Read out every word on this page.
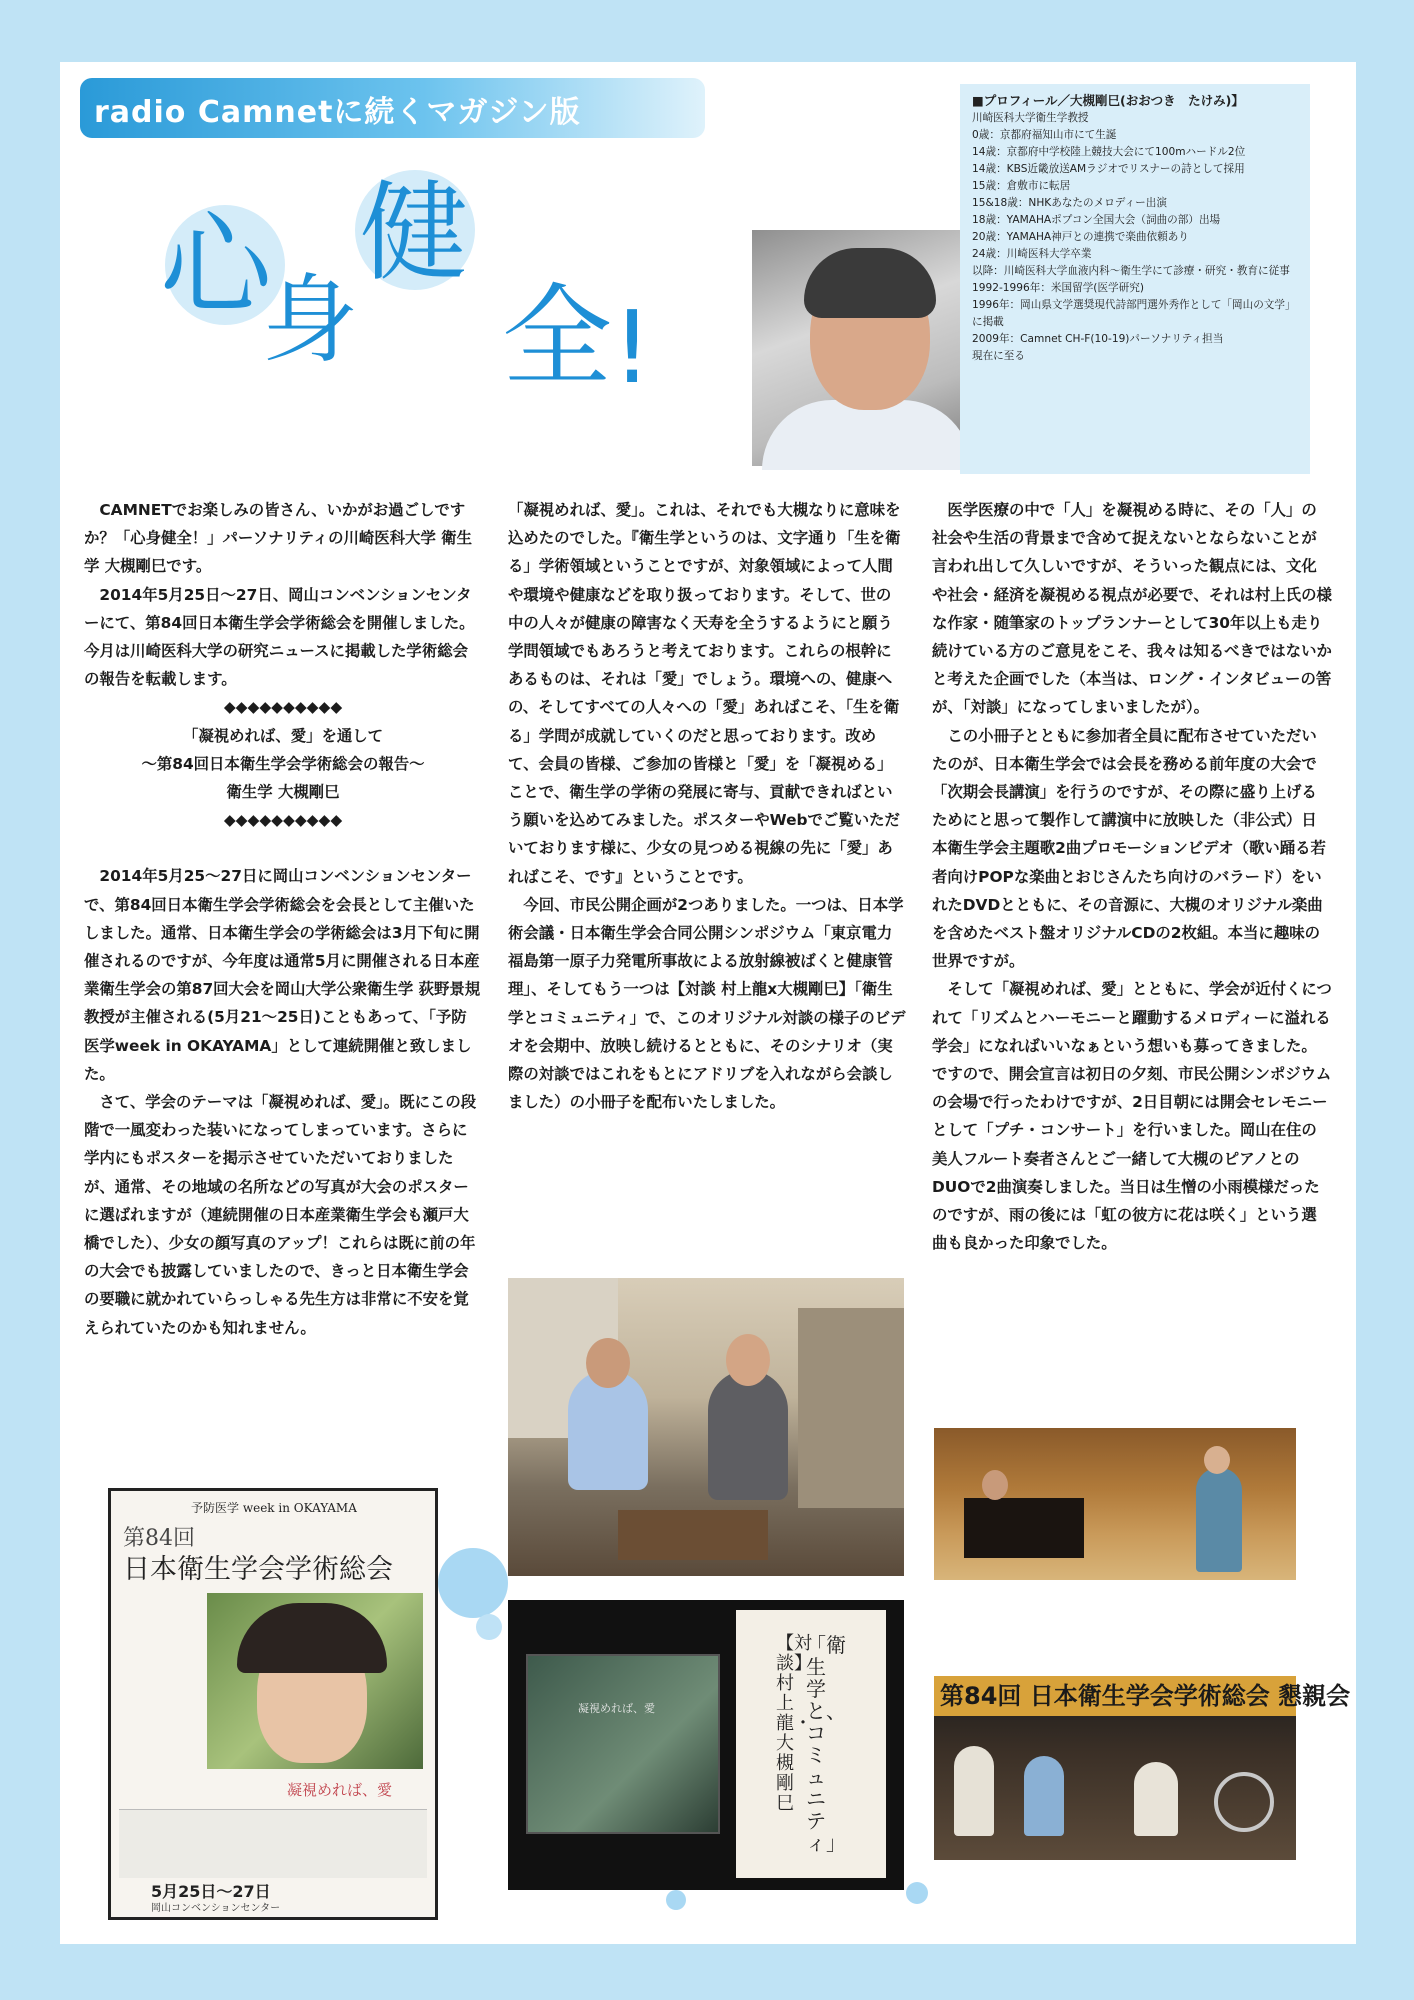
radio Camnetに続くマガジン版
心
身
健
全 !
■プロフィール／大槻剛巳(おおつき　たけみ)】
川崎医科大学衛生学教授
0歳：京都府福知山市にて生誕
14歳：京都府中学校陸上競技大会にて100mハードル2位
14歳：KBS近畿放送AMラジオでリスナーの詩として採用
15歳：倉敷市に転居
15&18歳：NHKあなたのメロディー出演
18歳：YAMAHAポプコン全国大会（詞曲の部）出場
20歳：YAMAHA神戸との連携で楽曲依頼あり
24歳：川崎医科大学卒業
以降：川崎医科大学血液内科～衛生学にて診療・研究・教育に従事
1992-1996年：米国留学(医学研究)
1996年：岡山県文学選奨現代詩部門選外秀作として「岡山の文学」に掲載
2009年：Camnet CH-F(10-19)パーソナリティ担当
現在に至る

CAMNETでお楽しみの皆さん、いかがお過ごしですか？「心身健全！」パーソナリティの川崎医科大学 衛生学 大槻剛巳です。

2014年5月25日～27日、岡山コンベンションセンターにて、第84回日本衛生学会学術総会を開催しました。今月は川崎医科大学の研究ニュースに掲載した学術総会の報告を転載します。

◆◆◆◆◆◆◆◆◆◆

「凝視めれば、愛」を通して

～第84回日本衛生学会学術総会の報告～

衛生学 大槻剛巳

◆◆◆◆◆◆◆◆◆◆

2014年5月25～27日に岡山コンベンションセンターで、第84回日本衛生学会学術総会を会長として主催いたしました。通常、日本衛生学会の学術総会は3月下旬に開催されるのですが、今年度は通常5月に開催される日本産業衛生学会の第87回大会を岡山大学公衆衛生学 荻野景規教授が主催される(5月21～25日)こともあって、「予防医学week in OKAYAMA」として連続開催と致しました。

さて、学会のテーマは「凝視めれば、愛」。既にこの段階で一風変わった装いになってしまっています。さらに学内にもポスターを掲示させていただいておりましたが、通常、その地域の名所などの写真が大会のポスターに選ばれますが（連続開催の日本産業衛生学会も瀬戸大橋でした）、少女の顔写真のアップ！これらは既に前の年の大会でも披露していましたので、きっと日本衛生学会の要職に就かれていらっしゃる先生方は非常に不安を覚えられていたのかも知れません。

「凝視めれば、愛」。これは、それでも大槻なりに意味を込めたのでした。『衛生学というのは、文字通り「生を衛る」学術領域ということですが、対象領域によって人間や環境や健康などを取り扱っております。そして、世の中の人々が健康の障害なく天寿を全うするようにと願う学問領域でもあろうと考えております。これらの根幹にあるものは、それは「愛」でしょう。環境への、健康への、そしてすべての人々への「愛」あればこそ、「生を衛る」学問が成就していくのだと思っております。改めて、会員の皆様、ご参加の皆様と「愛」を「凝視める」ことで、衛生学の学術の発展に寄与、貢献できればという願いを込めてみました。ポスターやWebでご覧いただいております様に、少女の見つめる視線の先に「愛」あればこそ、です』ということです。

今回、市民公開企画が2つありました。一つは、日本学術会議・日本衛生学会合同公開シンポジウム「東京電力福島第一原子力発電所事故による放射線被ばくと健康管理」、そしてもう一つは【対談 村上龍x大槻剛巳】「衛生学とコミュニティ」で、このオリジナル対談の様子のビデオを会期中、放映し続けるとともに、そのシナリオ（実際の対談ではこれをもとにアドリブを入れながら会談しました）の小冊子を配布いたしました。

医学医療の中で「人」を凝視める時に、その「人」の社会や生活の背景まで含めて捉えないとならないことが言われ出して久しいですが、そういった観点には、文化や社会・経済を凝視める視点が必要で、それは村上氏の様な作家・随筆家のトップランナーとして30年以上も走り続けている方のご意見をこそ、我々は知るべきではないかと考えた企画でした（本当は、ロング・インタビューの筈が、「対談」になってしまいましたが）。

この小冊子とともに参加者全員に配布させていただいたのが、日本衛生学会では会長を務める前年度の大会で「次期会長講演」を行うのですが、その際に盛り上げるためにと思って製作して講演中に放映した（非公式）日本衛生学会主題歌2曲プロモーションビデオ（歌い踊る若者向けPOPな楽曲とおじさんたち向けのバラード）をいれたDVDとともに、その音源に、大槻のオリジナル楽曲を含めたベスト盤オリジナルCDの2枚組。本当に趣味の世界ですが。

そして「凝視めれば、愛」とともに、学会が近付くにつれて「リズムとハーモニーと躍動するメロディーに溢れる学会」になればいいなぁという想いも募ってきました。ですので、開会宣言は初日の夕刻、市民公開シンポジウムの会場で行ったわけですが、2日目朝には開会セレモニーとして「プチ・コンサート」を行いました。岡山在住の美人フルート奏者さんとご一緒して大槻のピアノとのDUOで2曲演奏しました。当日は生憎の小雨模様だったのですが、雨の後には「虹の彼方に花は咲く」という選曲も良かった印象でした。

予防医学 week in OKAYAMA
第84回
日本衛生学会学術総会
凝視めれば、愛
5月25日～27日
岡山コンベンションセンター
凝視めれば、愛
「衛生学と、コミュニティ」
【対談】村上 龍・大槻剛巳
第84回 日本衛生学会学術総会 懇親会
